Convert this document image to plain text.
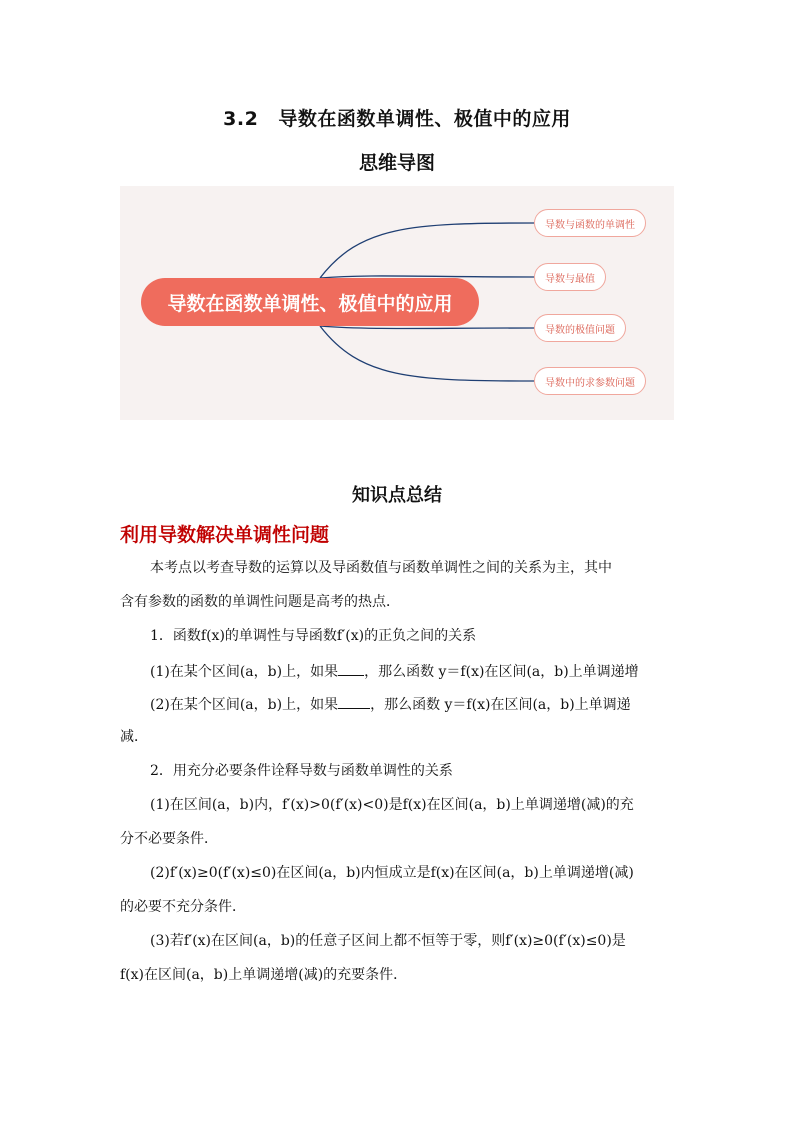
3.2 导数在函数单调性、极值中的应用
思维导图
导数在函数单调性、极值中的应用
导数与函数的单调性
导数与最值
导数的极值问题
导数中的求参数问题
知识点总结
利用导数解决单调性问题
本考点以考查导数的运算以及导函数值与函数单调性之间的关系为主，其中
含有参数的函数的单调性问题是高考的热点．
1．函数f(x)的单调性与导函数f′(x)的正负之间的关系
(1)在某个区间(a，b)上，如果 ，那么函数 y＝f(x)在区间(a，b)上单调递增
(2)在某个区间(a，b)上，如果 ，那么函数 y＝f(x)在区间(a，b)上单调递
减．
2．用充分必要条件诠释导数与函数单调性的关系
(1)在区间(a，b)内，f′(x)>0(f′(x)<0)是f(x)在区间(a，b)上单调递增(减)的充
分不必要条件．
(2)f′(x)≥0(f′(x)≤0)在区间(a，b)内恒成立是f(x)在区间(a，b)上单调递增(减)
的必要不充分条件．
(3)若f′(x)在区间(a，b)的任意子区间上都不恒等于零，则f′(x)≥0(f′(x)≤0)是
f(x)在区间(a，b)上单调递增(减)的充要条件．
